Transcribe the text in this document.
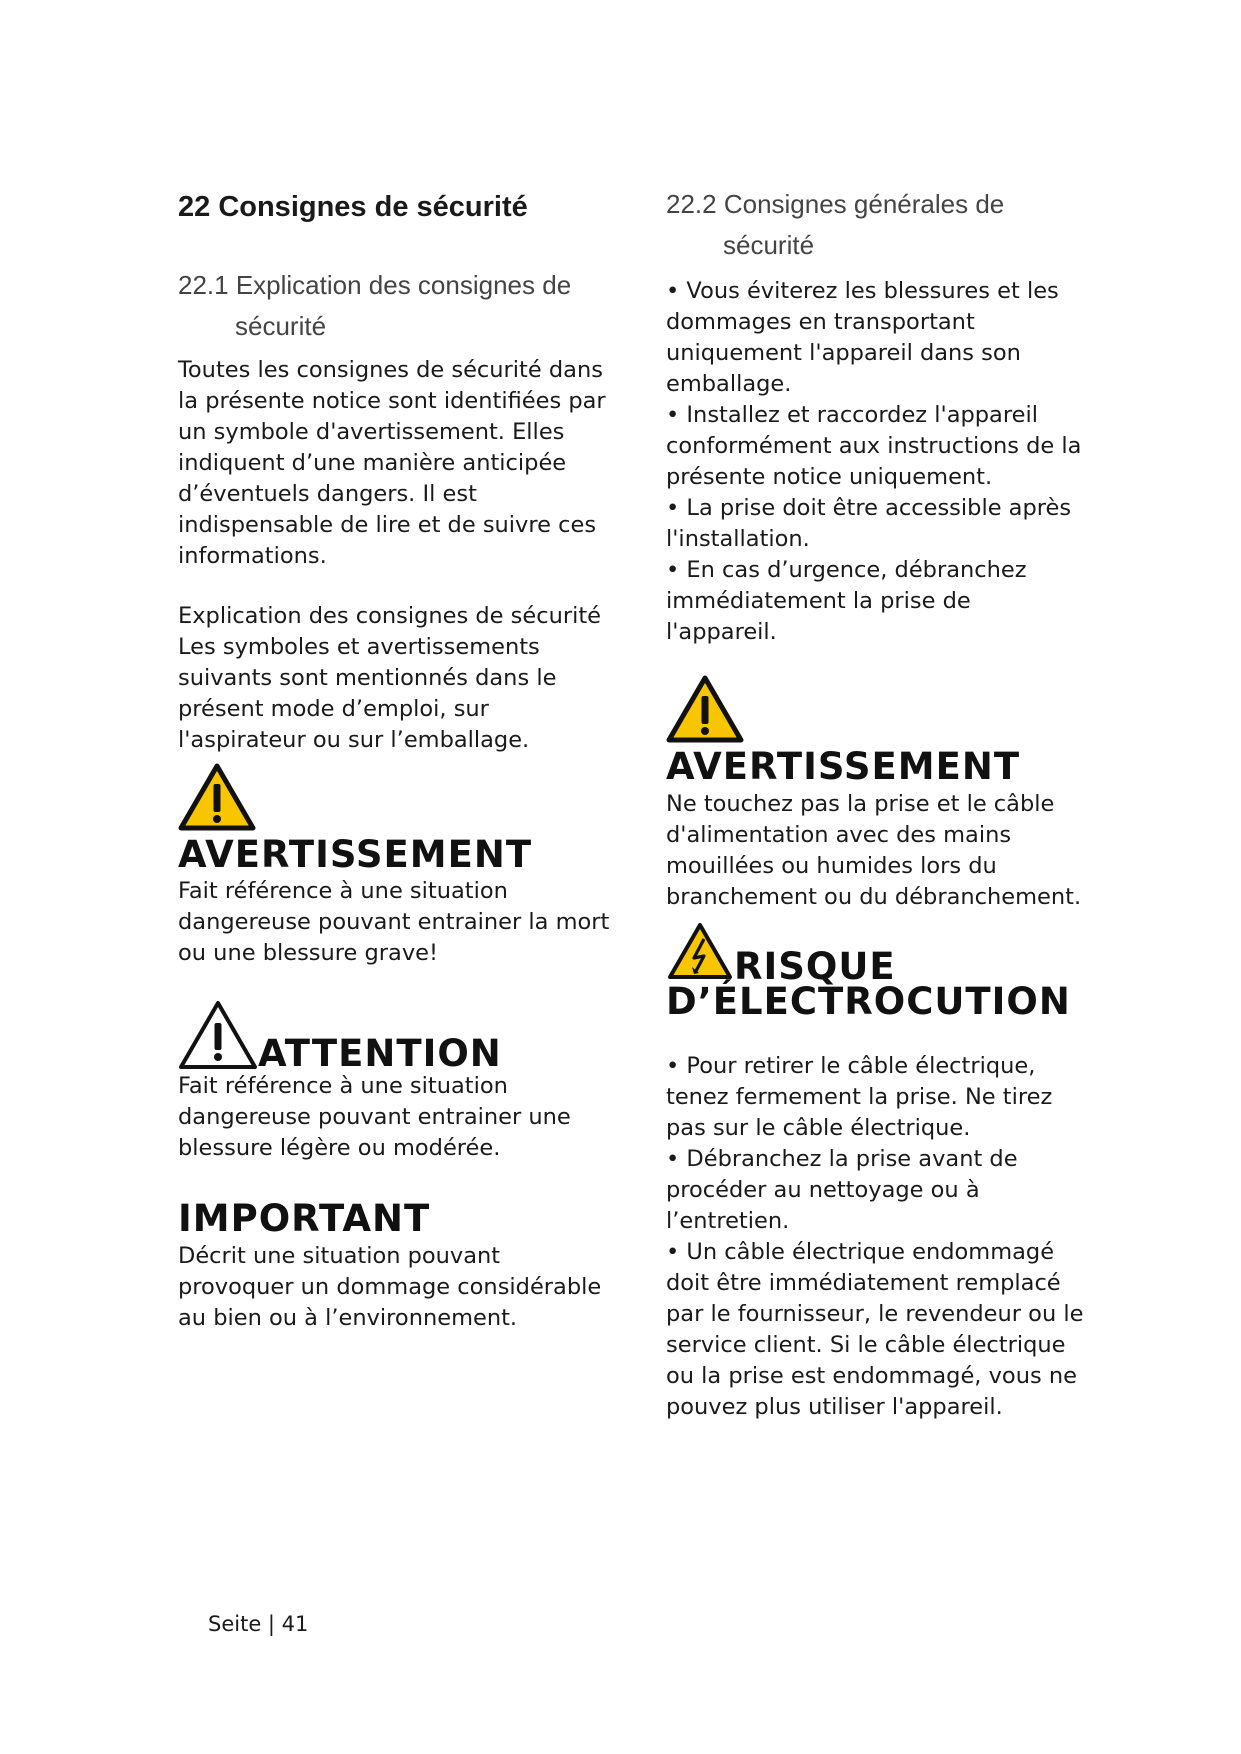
22 Consignes de sécurité

22.1 Explication des consignes de sécurité

Toutes les consignes de sécurité dans la présente notice sont identifiées par un symbole d'avertissement. Elles indiquent d’une manière anticipée d’éventuels dangers. Il est indispensable de lire et de suivre ces informations.

Explication des consignes de sécurité

Les symboles et avertissements suivants sont mentionnés dans le présent mode d’emploi, sur l'aspirateur ou sur l’emballage.

AVERTISSEMENT

Fait référence à une situation dangereuse pouvant entrainer la mort ou une blessure grave!

ATTENTION

Fait référence à une situation dangereuse pouvant entrainer une blessure légère ou modérée.

IMPORTANT

Décrit une situation pouvant provoquer un dommage considérable au bien ou à l’environnement.

22.2 Consignes générales de sécurité

• Vous éviterez les blessures et les dommages en transportant uniquement l'appareil dans son emballage.

• Installez et raccordez l'appareil conformément aux instructions de la présente notice uniquement.

• La prise doit être accessible après l'installation.

• En cas d’urgence, débranchez immédiatement la prise de l'appareil.

AVERTISSEMENT

Ne touchez pas la prise et le câble d'alimentation avec des mains mouillées ou humides lors du branchement ou du débranchement.

RISQUE

D’ÉLECTROCUTION

• Pour retirer le câble électrique, tenez fermement la prise. Ne tirez pas sur le câble électrique.

• Débranchez la prise avant de procéder au nettoyage ou à l’entretien.

• Un câble électrique endommagé doit être immédiatement remplacé par le fournisseur, le revendeur ou le service client. Si le câble électrique ou la prise est endommagé, vous ne pouvez plus utiliser l'appareil.

Seite | 41
